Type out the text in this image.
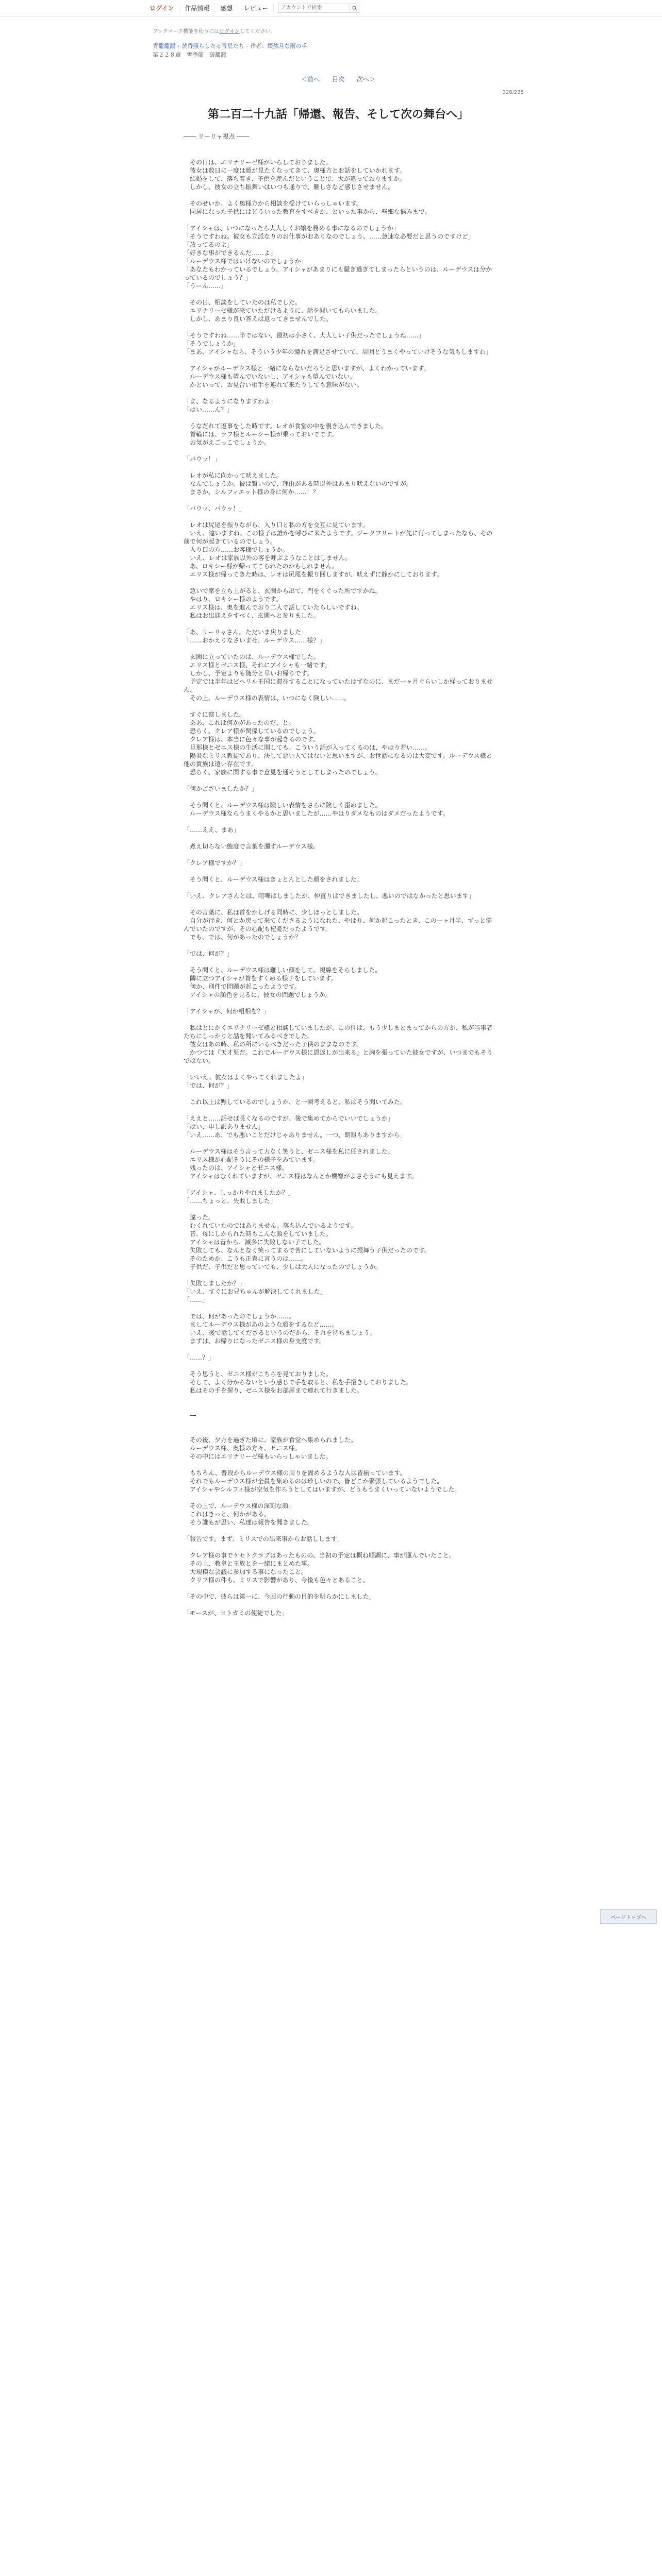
ログイン	作品情報	感想	レビュー
アカウントで検索
ブックマーク機能を使うにはログインしてください。
青籠籠籠 › 黄昏照らしたる青星たち - 作者：燦然月な雨の手
第２２８章　雪季節　破籠籠
＜前へ 目次 次へ＞
228/235
第二百二十九話「帰還、報告、そして次の舞台へ」
―― リーリャ視点 ――

　その日は、エリナリーゼ様がいらしておりました。

　彼女は数日に一度は顔が見たくなってきて、奥様方とお話をしていかれます。

　結婚をして、落ち着き、子供を産んだということで、大が違っておりますか。

　しかし、彼女の立ち振舞いはいつも通りで、難しさなど感じさせません。

　そのせいか、よく奥様方から相談を受けていらっしゃいます。

　同居になった子供にはどういった教育をすべきか、といった事から、些細な悩みまで。

「アイシャは、いつになったら大人しくお嬢を務める事になるのでしょうか」

「そうですわね。彼女も立派なりのお仕事がおありなのでしょう。……急速な必要だと思うのですけど」

「放ってるのよ」

「好きな事ができるんだ……よ」

「ルーデウス様ではいけないのでしょうか」

「あなたもわかっているでしょう。アイシャがあまりにも騒ぎ過ぎてしまったらというのは、ルーデウスは分かっているのでしょう？」

「うーん……」

　その日、相談をしていたのは私でした。

　エリナリーゼ様が来ていただけるように、話を聞いてもらいました。

　しかし、あまり良い答えは返ってきませんでした。

「そうですわね……半ではない、最初は小さく、大人しい子供だったでしょうね……」

「そうでしょうか」

「まあ、アイシャなら、そういう少年の憧れを満足させていて、周囲とうまくやっていけそうな気もしますわ」

　アイシャがルーデウス様と一緒にならないだろうと思いますが、よくわかっています。

　ルーデウス様も望んでいないし、アイシャも望んでいない。

　かといって、お見合い相手を連れて来たりしても意味がない。

「ま、なるようになりますわよ」

「はい……ん？」

　うなだれて返事をした時です。レオが食堂の中を覗き込んできました。

　首輪には、ラフ様とルーシー様が乗っておいでです。

　お気がえごっこでしょうか。

「バウッ！」

　レオが私に向かって吠えました。

　なんでしょうか。彼は賢いので、理由がある時以外はあまり吠えないのですが。

　まさか、シルフィエット様の身に何か……！？

「バウッ、バウッ！」

　レオは尻尾を振りながら、入り口と私の方を交互に見ています。

　いえ、違いますね。この様子は誰かを呼びに来たようです。ジークフリートが先に行ってしまったなら、その前で何が起きているのでしょう。

　入り口の方……お客様でしょうか。

　いえ、レオは家族以外の客を呼ぶようなことはしません。

　あ、ロキシー様が帰ってこられたのかもしれません。

　エリス様が帰ってきた時は、レオは尻尾を振り回しますが、吠えずに静かにしております。

　急いで席を立ち上がると、玄関から出て、門をくぐった所ですかね。

　やはり、ロキシー様のようです。

　エリス様は、奥を進んでおり二人で話していたらしいですね。

　私はお出迎えをすべく、玄関へと参りました。

「あ、リーリャさん。ただいま戻りました」

「……おかえりなさいませ、ルーデウス……様？」

　玄関に立っていたのは、ルーデウス様でした。

　エリス様とゼニス様、それにアイシャも一緒です。

　しかし、予定よりも随分と早いお帰りです。

　予定では半年はビヘリル王国に滞在することになっていたはずなのに、まだ一ヶ月ぐらいしか経っておりません。

　その上、ルーデウス様の表情は、いつになく険しい……。

　すぐに察しました。

　ああ、これは何かがあったのだ、と。

　恐らく、クレア様が関係しているのでしょう。

　クレア様は、本当に色々な事が起きるのです。

　旦那様とゼニス様の生活に関しても、こういう話が入ってくるのは、やはり若い……。

　陽炎なミリス教徒であり、決して悪い人ではないと思いますが、お世話になるのは大変です。ルーデウス様と他の貴族は遠い存在です。

　恐らく、家族に関する事で意見を通そうとしてしまったのでしょう。

「何かございましたか？」

　そう聞くと、ルーデウス様は険しい表情をさらに険しく歪めました。

　ルーデウス様ならうまくやるかと思いましたが……やはりダメなものはダメだったようです。

「……ええ、まあ」

　煮え切らない態度で言葉を濁すルーデウス様。

「クレア様ですか？」

　そう聞くと、ルーデウス様はきょとんとした顔をされました。

「いえ、クレアさんとは、喧嘩はしましたが、仲直りはできましたし、悪いのではなかったと思います」

　その言葉に、私は首をかしげる同時に、少しほっとしました。

　自分が行き、何とか戻って来てくださるようになれた、やはり、何か起こったとき、この一ヶ月半、ずっと悩んでいたのですが、その心配も杞憂だったようです。

　でも、では、何があったのでしょうか？

「では、何が？」

　そう聞くと、ルーデウス様は難しい顔をして、視線をそらしました。

　隣に立つアイシャが首をすくめる様子をしています。

　何か、別件で問題が起こったようです。

　アイシャの顔色を見るに、彼女の問題でしょうか。

「アイシャが、何か粗相を？」

　私はとにかくエリナリーゼ様と相談していましたが、この件は、もう少しまとまってからの方が、私が当事者たちにしっかりと話を聞いてみるべきでした。

　彼女はあの時、私の所にいるべきだった子供のままなのです。

　かつては『天才児だ。これでルーデウス様に恩返しが出来る』と胸を張っていた彼女ですが、いつまでもそうではない。

「いいえ。彼女はよくやってくれましたよ」

「では、何が？」

　これ以上は黙しているのでしょうか、と一瞬考えると、私はそう聞いてみた。

「ええと……話せば長くなるのですが、後で集めてからでいいでしょうか」

「はい、申し訳ありません」

「いえ……あ、でも悪いことだけじゃありません。一つ、朗報もありますから」

　ルーデウス様はそう言って力なく笑うと、ゼニス様を私に任されました。

　エリス様が心配そうにその様子をみています。

　残ったのは、アイシャとゼニス様。

　アイシャはむくれていますが、ゼニス様はなんとか機嫌がよさそうにも見えます。

「アイシャ、しっかりやれましたか？」

「……ちょっと、失敗しました」

　違った。

　むくれていたのではありません。落ち込んでいるようです。

　昔、母にしかられた時もこんな顔をしていました。

　アイシャは昔から、滅多に失敗しない子でした。

　失敗しても、なんとなく笑ってまるで苦にしていないように振舞う子供だったのです。

　そのためか、こうも正直に言うのは……。

　子供だ、子供だと思っていても、少しは大人になったのでしょうか。

「失敗しましたか？」

「いえ、すぐにお兄ちゃんが解決してくれました」

「……」

　では、何があったのでしょうか……。

　ましてルーデウス様があのような顔をするなど……。

　いえ、後で話してくださるというのだから、それを待ちましょう。

　まずは、お帰りになったゼニス様の身支度です。

「……？」

　そう思うと、ゼニス様がこちらを見ておりました。

　そして、よく分からないという感じで手を取ると、私を手招きしておりました。

　私はその手を握り、ゼニス様をお部屋まで連れて行きました。

　―

　その後、夕方を過ぎた頃に、家族が食堂へ集められました。

　ルーデウス様、奥様の方々、ゼニス様。

　その中にはエリナリーゼ様もいらっしゃいました。

　もちろん、普段からルーデウス様の周りを固めるような人は皆揃っています。

　それでもルーデウス様が全員を集めるのは珍しいので、皆どこか緊張しているようでした。

　アイシャやシルフィ様が空気を作ろうとしてはいますが、どうもうまくいっていないようでした。

　その上で、ルーデウス様の深刻な顔。

　これはきっと、何かがある。

　そう誰もが思い、私達は報告を聞きました。

「報告です。まず、ミリスでの出来事からお話しします」

　クレア様の事でケセトクラブはあったものの、当初の予定は概ね順調に、事が運んでいたこと。

　その上、教皇と王族とを一緒にまとめた事。

　大規模な会議に参加する事になったこと。

　クリフ様の件も、ミリスで影響があり、今後も色々とあること。

「その中で、彼らは第一に、今回の行動の目的を明らかにしました」

「モースが、ヒトガミの使徒でした」

ページトップへ
